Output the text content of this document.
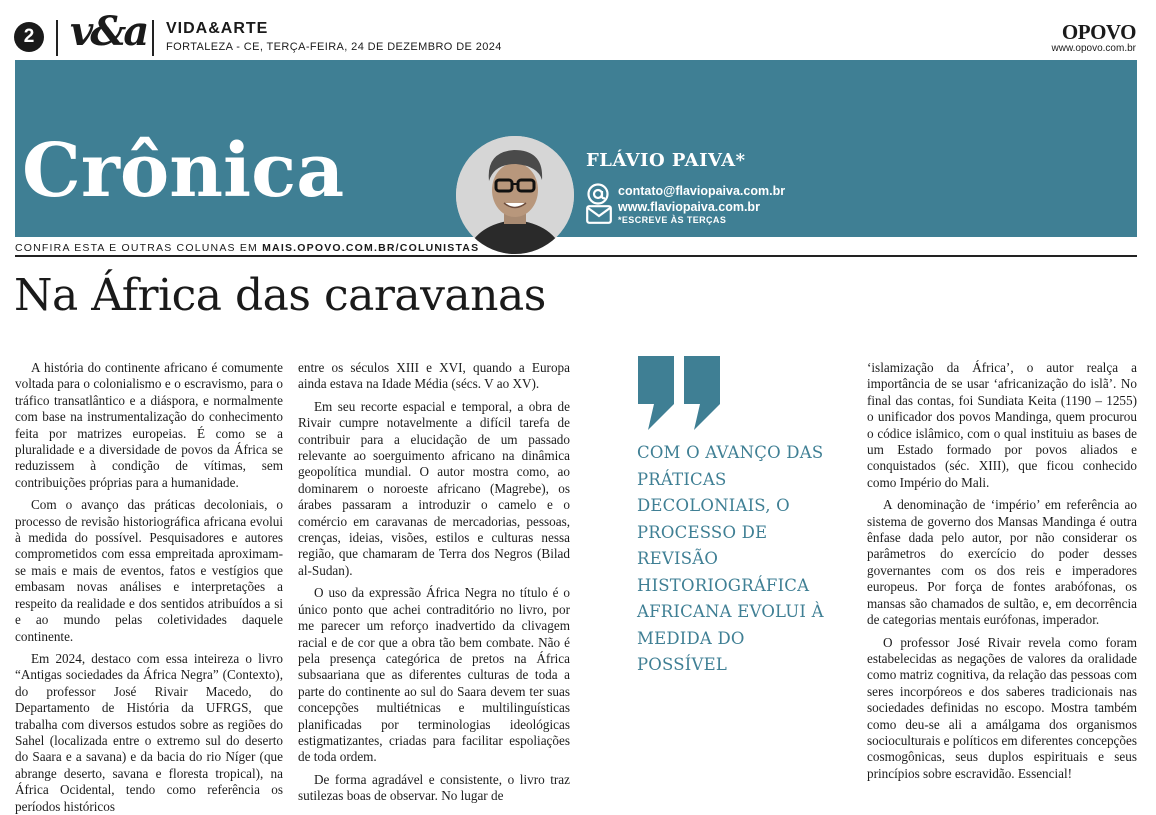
2 v&a VIDA&ARTE
FORTALEZA - CE, TERÇA-FEIRA, 24 DE DEZEMBRO DE 2024
OPOVO
www.opovo.com.br
Crônica	FLÁVIO PAIVA*
contato@flaviopaiva.com.br
www.flaviopaiva.com.br
*ESCREVE ÀS TERÇAS
CONFIRA ESTA E OUTRAS COLUNAS EM MAIS.OPOVO.COM.BR/COLUNISTAS
Na África das caravanas

A história do continente africano é comumente voltada para o colonialismo e o escravismo, para o tráfico transatlântico e a diáspora, e normalmente com base na instrumentalização do conhecimento feita por matrizes europeias. É como se a pluralidade e a diversidade de povos da África se reduzissem à condição de vítimas, sem contribuições próprias para a humanidade.

Com o avanço das práticas decoloniais, o processo de revisão historiográfica africana evolui à medida do possível. Pesquisadores e autores comprometidos com essa empreitada aproximam-se mais e mais de eventos, fatos e vestígios que embasam novas análises e interpretações a respeito da realidade e dos sentidos atribuídos a si e ao mundo pelas coletividades daquele continente.

Em 2024, destaco com essa inteireza o livro “Antigas sociedades da África Negra” (Contexto), do professor José Rivair Macedo, do Departamento de História da UFRGS, que trabalha com diversos estudos sobre as regiões do Sahel (localizada entre o extremo sul do deserto do Saara e a savana) e da bacia do rio Níger (que abrange deserto, savana e floresta tropical), na África Ocidental, tendo como referência os períodos históricos

entre os séculos XIII e XVI, quando a Europa ainda estava na Idade Média (sécs. V ao XV).

Em seu recorte espacial e temporal, a obra de Rivair cumpre notavelmente a difícil tarefa de contribuir para a elucidação de um passado relevante ao soerguimento africano na dinâmica geopolítica mundial. O autor mostra como, ao dominarem o noroeste africano (Magrebe), os árabes passaram a introduzir o camelo e o comércio em caravanas de mercadorias, pessoas, crenças, ideias, visões, estilos e culturas nessa região, que chamaram de Terra dos Negros (Bilad al-Sudan).

O uso da expressão África Negra no título é o único ponto que achei contraditório no livro, por me parecer um reforço inadvertido da clivagem racial e de cor que a obra tão bem combate. Não é pela presença categórica de pretos na África subsaariana que as diferentes culturas de toda a parte do continente ao sul do Saara devem ter suas concepções multiétnicas e multilinguísticas planificadas por terminologias ideológicas estigmatizantes, criadas para facilitar espoliações de toda ordem.

De forma agradável e consistente, o livro traz sutilezas boas de observar. No lugar de

COM O AVANÇO DAS PRÁTICAS DECOLONIAIS, O PROCESSO DE REVISÃO HISTORIOGRÁFICA AFRICANA EVOLUI À MEDIDA DO POSSÍVEL

‘islamização da África’, o autor realça a importância de se usar ‘africanização do islã’. No final das contas, foi Sundiata Keita (1190 – 1255) o unificador dos povos Mandinga, quem procurou o códice islâmico, com o qual instituiu as bases de um Estado formado por povos aliados e conquistados (séc. XIII), que ficou conhecido como Império do Mali.

A denominação de ‘império’ em referência ao sistema de governo dos Mansas Mandinga é outra ênfase dada pelo autor, por não considerar os parâmetros do exercício do poder desses governantes com os dos reis e imperadores europeus. Por força de fontes arabófonas, os mansas são chamados de sultão, e, em decorrência de categorias mentais eurófonas, imperador.

O professor José Rivair revela como foram estabelecidas as negações de valores da oralidade como matriz cognitiva, da relação das pessoas com seres incorpóreos e dos saberes tradicionais nas sociedades definidas no escopo. Mostra também como deu-se ali a amálgama dos organismos socioculturais e políticos em diferentes concepções cosmogônicas, seus duplos espirituais e seus princípios sobre escravidão. Essencial!
